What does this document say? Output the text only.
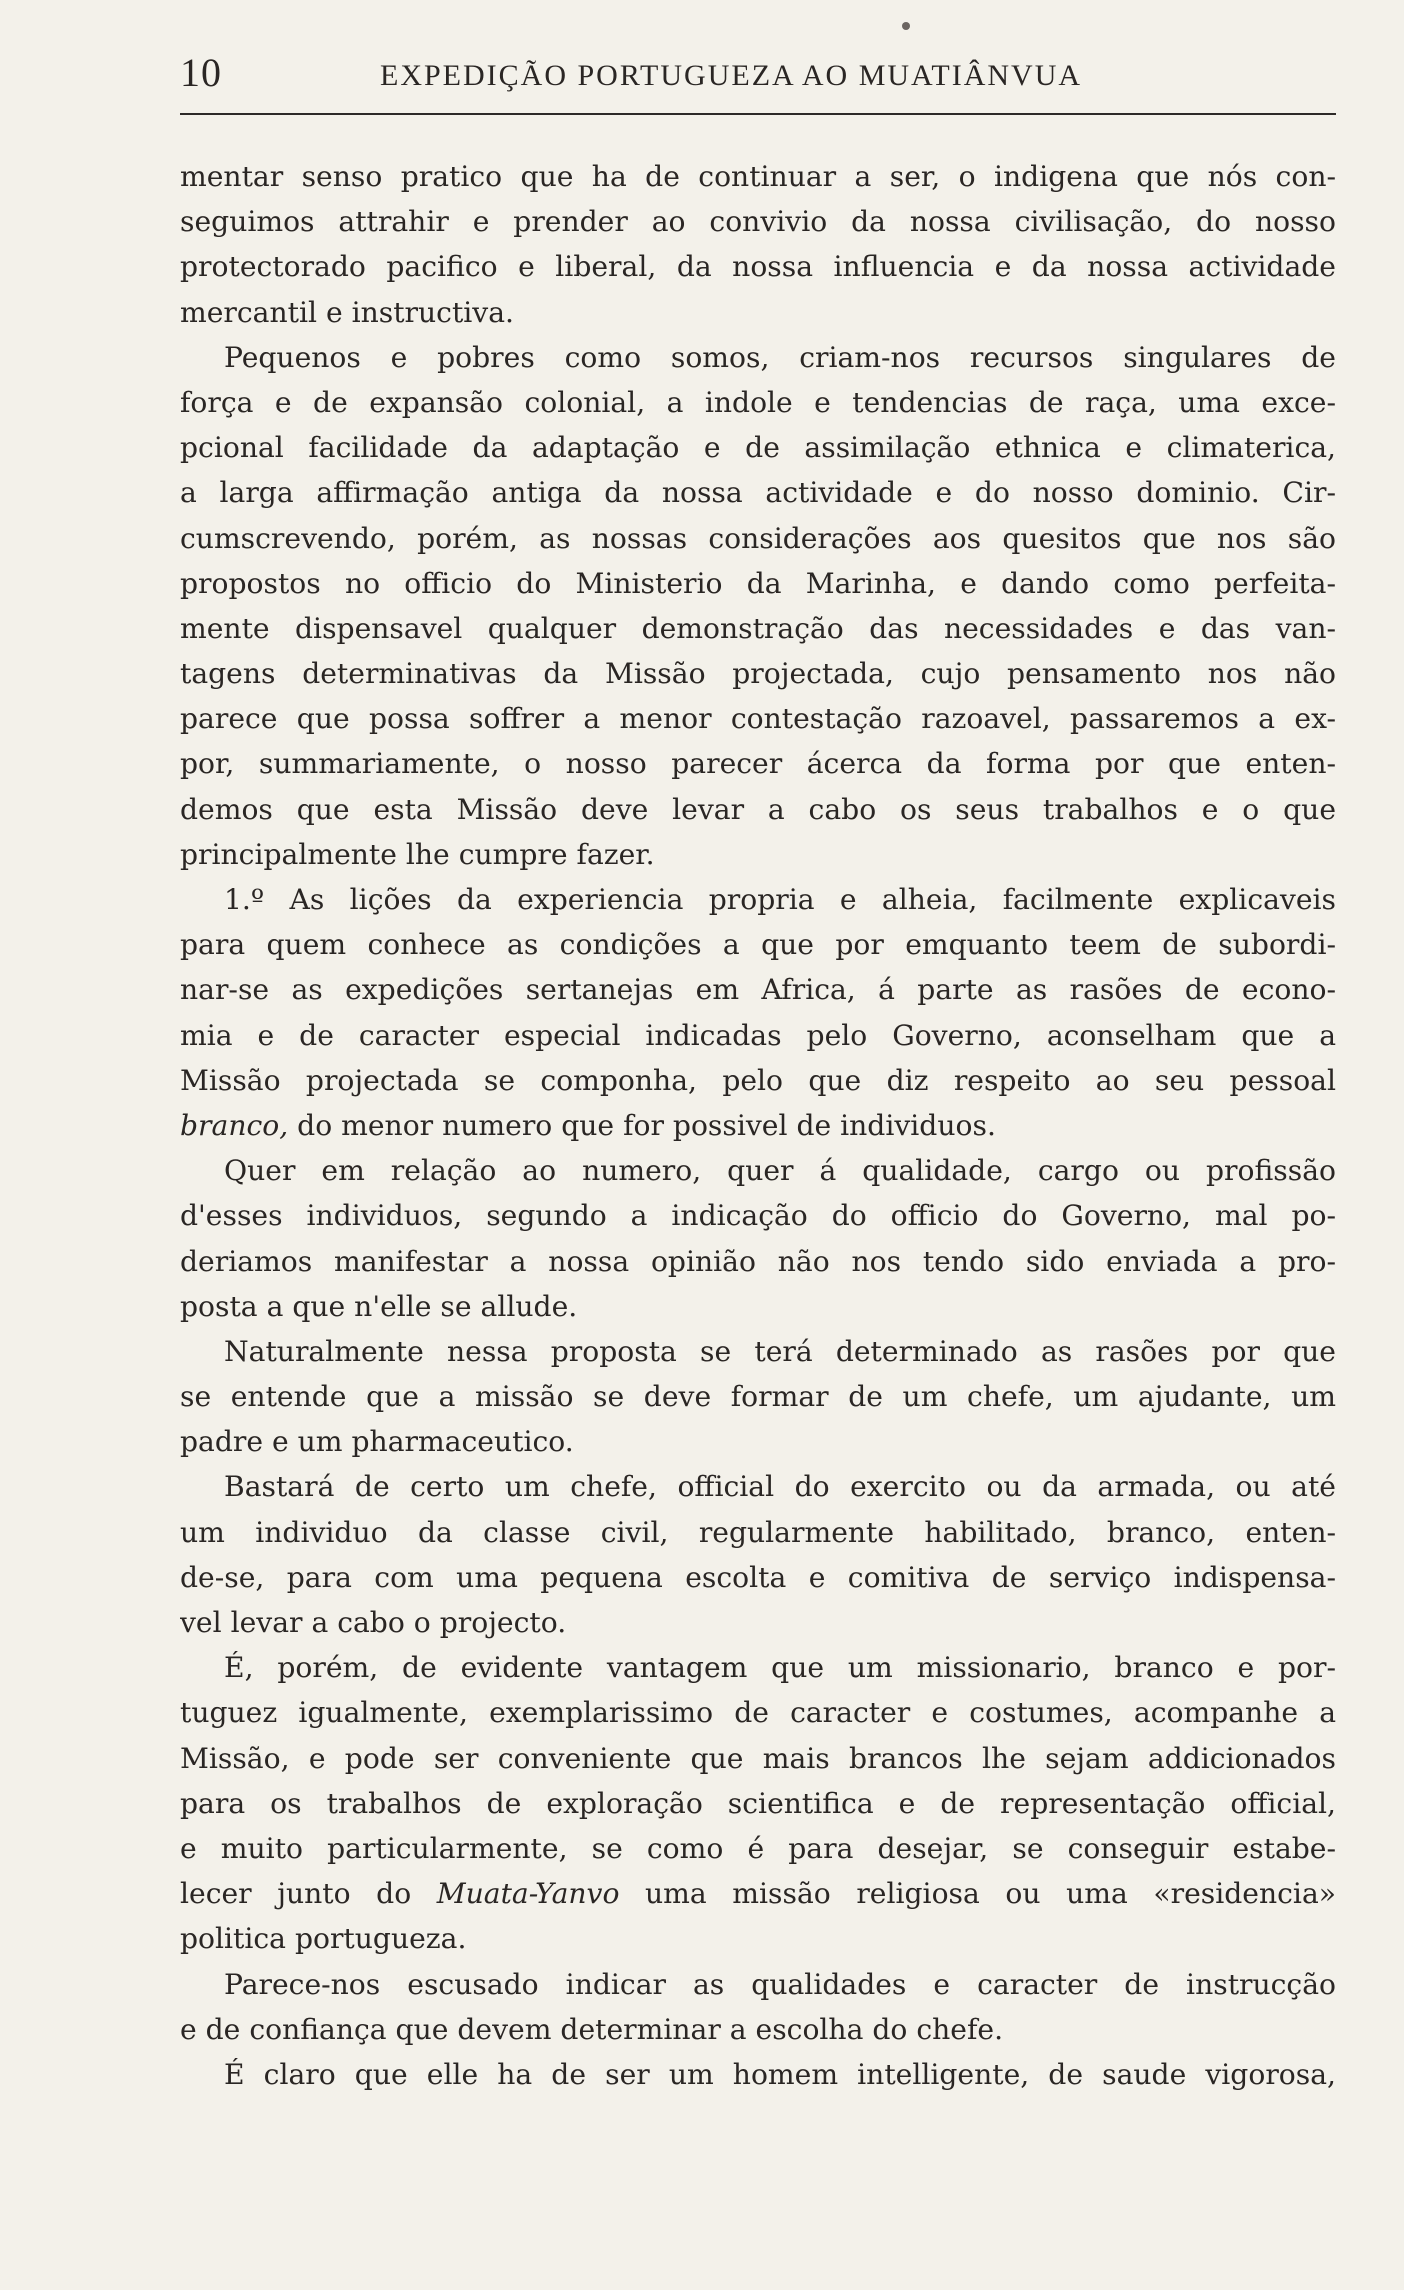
10	EXPEDIÇÃO PORTUGUEZA AO MUATIÂNVUA
mentar senso pratico que ha de continuar a ser, o indigena que nós con-
seguimos attrahir e prender ao convivio da nossa civilisação, do nosso
protectorado pacifico e liberal, da nossa influencia e da nossa actividade
mercantil e instructiva.
Pequenos e pobres como somos, criam-nos recursos singulares de
força e de expansão colonial, a indole e tendencias de raça, uma exce-
pcional facilidade da adaptação e de assimilação ethnica e climaterica,
a larga affirmação antiga da nossa actividade e do nosso dominio. Cir-
cumscrevendo, porém, as nossas considerações aos quesitos que nos são
propostos no officio do Ministerio da Marinha, e dando como perfeita-
mente dispensavel qualquer demonstração das necessidades e das van-
tagens determinativas da Missão projectada, cujo pensamento nos não
parece que possa soffrer a menor contestação razoavel, passaremos a ex-
por, summariamente, o nosso parecer ácerca da forma por que enten-
demos que esta Missão deve levar a cabo os seus trabalhos e o que
principalmente lhe cumpre fazer.
1.º As lições da experiencia propria e alheia, facilmente explicaveis
para quem conhece as condições a que por emquanto teem de subordi-
nar-se as expedições sertanejas em Africa, á parte as rasões de econo-
mia e de caracter especial indicadas pelo Governo, aconselham que a
Missão projectada se componha, pelo que diz respeito ao seu pessoal
branco, do menor numero que for possivel de individuos.
Quer em relação ao numero, quer á qualidade, cargo ou profissão
d'esses individuos, segundo a indicação do officio do Governo, mal po-
deriamos manifestar a nossa opinião não nos tendo sido enviada a pro-
posta a que n'elle se allude.
Naturalmente nessa proposta se terá determinado as rasões por que
se entende que a missão se deve formar de um chefe, um ajudante, um
padre e um pharmaceutico.
Bastará de certo um chefe, official do exercito ou da armada, ou até
um individuo da classe civil, regularmente habilitado, branco, enten-
de-se, para com uma pequena escolta e comitiva de serviço indispensa-
vel levar a cabo o projecto.
É, porém, de evidente vantagem que um missionario, branco e por-
tuguez igualmente, exemplarissimo de caracter e costumes, acompanhe a
Missão, e pode ser conveniente que mais brancos lhe sejam addicionados
para os trabalhos de exploração scientifica e de representação official,
e muito particularmente, se como é para desejar, se conseguir estabe-
lecer junto do Muata-Yanvo uma missão religiosa ou uma «residencia»
politica portugueza.
Parece-nos escusado indicar as qualidades e caracter de instrucção
e de confiança que devem determinar a escolha do chefe.
É claro que elle ha de ser um homem intelligente, de saude vigorosa,
